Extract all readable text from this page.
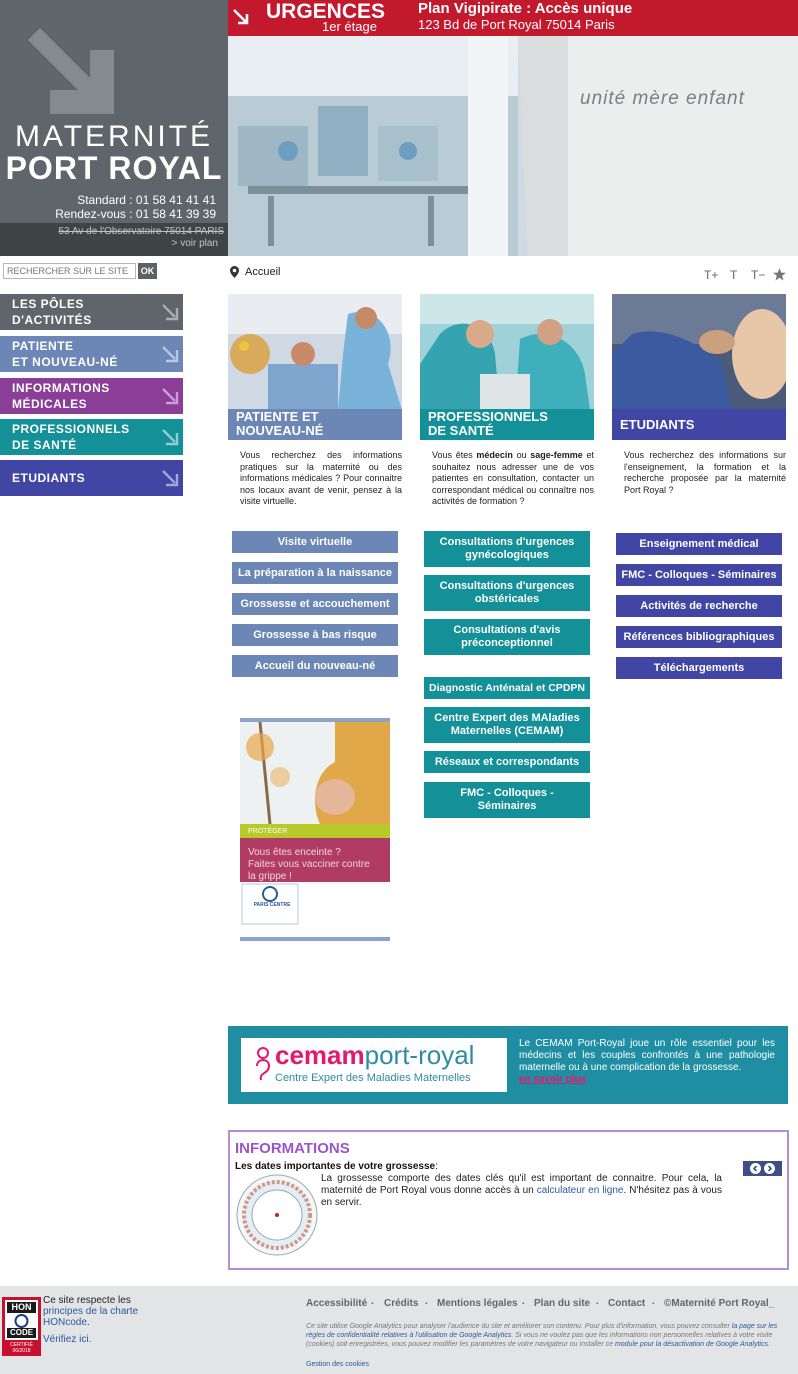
MATERNITÉ
PORT ROYAL
Standard : 01 58 41 41 41
Rendez-vous : 01 58 41 39 39
53 Av de l'Observatoire 75014 PARIS
> voir plan
URGENCES
1er étage
Plan Vigipirate : Accès unique
123 Bd de Port Royal 75014 Paris
unité mère enfant
RECHERCHER SUR LE SITE
OK	Accueil	T+ T T−
LES PÔLES
D'ACTIVITÉS
PATIENTE
ET NOUVEAU-NÉ
INFORMATIONS
MÉDICALES
PROFESSIONNELS
DE SANTÉ
ETUDIANTS
PATIENTE ET
NOUVEAU-NÉ
Vous recherchez des informations pratiques sur la maternité ou des informations médicales ? Pour connaitre nos locaux avant de venir, pensez à la visite virtuelle.
Visite virtuelle
La préparation à la naissance
Grossesse et accouchement
Grossesse à bas risque
Accueil du nouveau-né
PROTÉGER
Vous êtes enceinte ?
Faites vous vacciner contre
la grippe !
PARIS CENTRE
PROFESSIONNELS
DE SANTÉ
Vous êtes médecin ou sage-femme et souhaitez nous adresser une de vos patientes en consultation, contacter un correspondant médical ou connaître nos activités de formation ?
Consultations d'urgences
gynécologiques
Consultations d'urgences
obstéricales
Consultations d'avis
préconceptionnel
Diagnostic Anténatal et CPDPN
Centre Expert des MAladies
Maternelles (CEMAM)
Réseaux et correspondants
FMC - Colloques -
Séminaires
ETUDIANTS
Vous recherchez des informations sur l'enseignement, la formation et la recherche proposée par la maternité Port Royal ?
Enseignement médical
FMC - Colloques - Séminaires
Activités de recherche
Références bibliographiques
Téléchargements
cemamport-royal
Centre Expert des Maladies Maternelles
Le CEMAM Port-Royal joue un rôle essentiel pour les médecins et les couples confrontés à une pathologie maternelle ou à une complication de la grossesse.
en savoir plus
INFORMATIONS
Les dates importantes de votre grossesse:
La grossesse comporte des dates clés qu'il est important de connaitre. Pour cela, la maternité de Port Royal vous donne accès à un calculateur en ligne. N'hésitez pas à vous en servir.
HON
CODE
CERTIFIÉ 06/2018
Ce site respecte les principes de la charte HONcode.
Vérifiez ici.
Accessibilité . Crédits . Mentions légales . Plan du site . Contact . ©Maternité Port Royal_
Ce site utilise Google Analytics pour analyser l'audience du site et améliorer son contenu. Pour plus d'information, vous pouvez consulter la page sur les règles de confidentialité relatives à l'utilisation de Google Analytics. Si vous ne voulez pas que les informations non personnelles relatives à votre visite (cookies) soit enregistrées, vous pouvez modifier les paramètres de votre navigateur ou installer ce module pour la désactivation de Google Analytics.
Gestion des cookies
